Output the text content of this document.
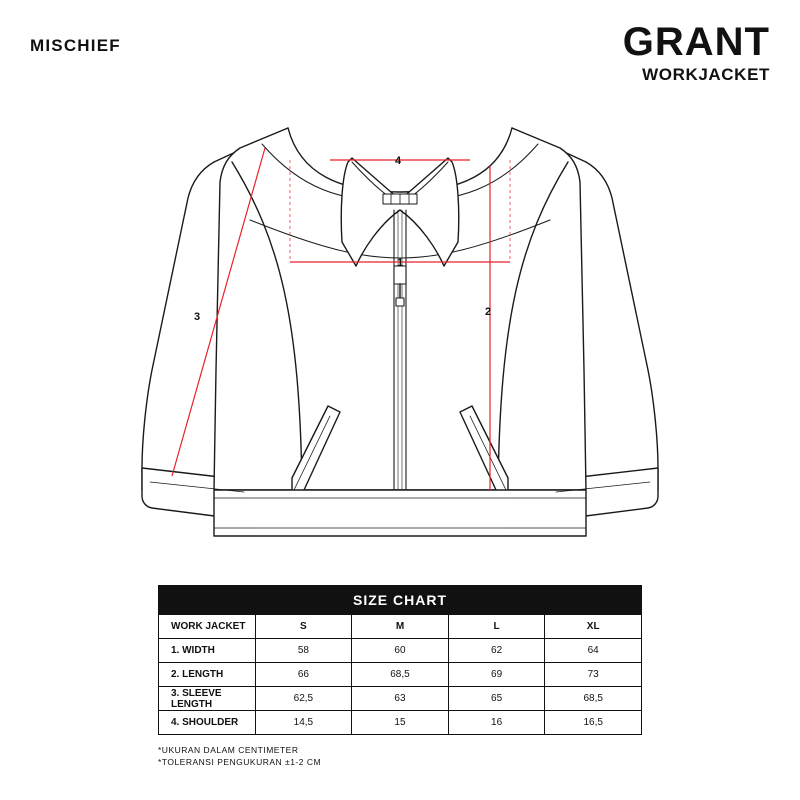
MISCHIEF	GRANT
WORKJACKET
1
2
3
4
SIZE CHART				
WORK JACKET	S	M	L	XL
1. WIDTH	58	60	62	64
2. LENGTH	66	68,5	69	73
3. SLEEVE LENGTH	62,5	63	65	68,5
4. SHOULDER	14,5	15	16	16,5
*UKURAN DALAM CENTIMETER
*TOLERANSI PENGUKURAN ±1-2 CM
